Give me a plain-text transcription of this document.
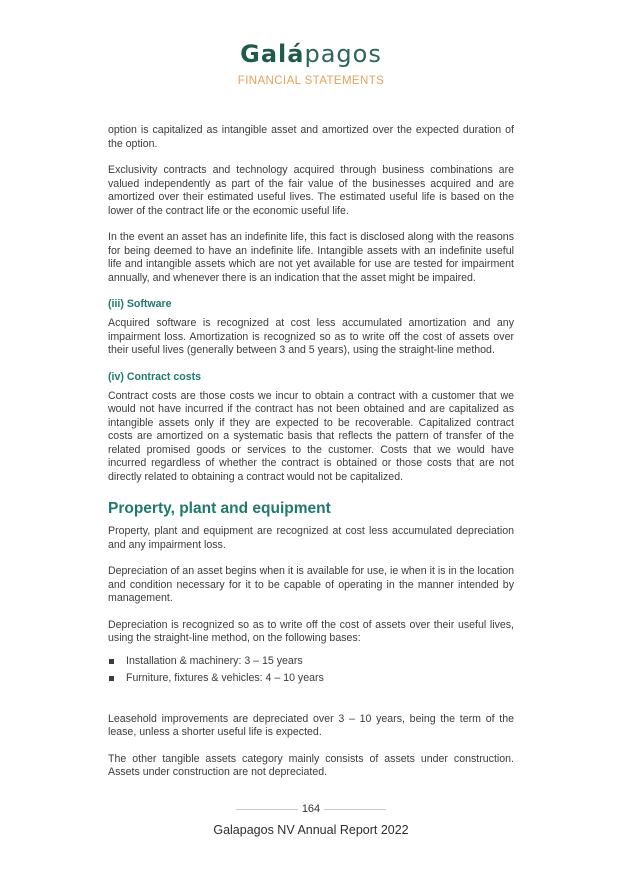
Galápagos
FINANCIAL STATEMENTS

option is capitalized as intangible asset and amortized over the expected duration of the option.

Exclusivity contracts and technology acquired through business combinations are valued independently as part of the fair value of the businesses acquired and are amortized over their estimated useful lives. The estimated useful life is based on the lower of the contract life or the economic useful life.

In the event an asset has an indefinite life, this fact is disclosed along with the reasons for being deemed to have an indefinite life. Intangible assets with an indefinite useful life and intangible assets which are not yet available for use are tested for impairment annually, and whenever there is an indication that the asset might be impaired.

(iii) Software

Acquired software is recognized at cost less accumulated amortization and any impairment loss. Amortization is recognized so as to write off the cost of assets over their useful lives (generally between 3 and 5 years), using the straight-line method.

(iv) Contract costs

Contract costs are those costs we incur to obtain a contract with a customer that we would not have incurred if the contract has not been obtained and are capitalized as intangible assets only if they are expected to be recoverable. Capitalized contract costs are amortized on a systematic basis that reflects the pattern of transfer of the related promised goods or services to the customer. Costs that we would have incurred regardless of whether the contract is obtained or those costs that are not directly related to obtaining a contract would not be capitalized.

Property, plant and equipment

Property, plant and equipment are recognized at cost less accumulated depreciation and any impairment loss.

Depreciation of an asset begins when it is available for use, ie when it is in the location and condition necessary for it to be capable of operating in the manner intended by management.

Depreciation is recognized so as to write off the cost of assets over their useful lives, using the straight-line method, on the following bases:

Installation & machinery: 3 – 15 years
Furniture, fixtures & vehicles: 4 – 10 years

Leasehold improvements are depreciated over 3 – 10 years, being the term of the lease, unless a shorter useful life is expected.

The other tangible assets category mainly consists of assets under construction. Assets under construction are not depreciated.

164
Galapagos NV Annual Report 2022
